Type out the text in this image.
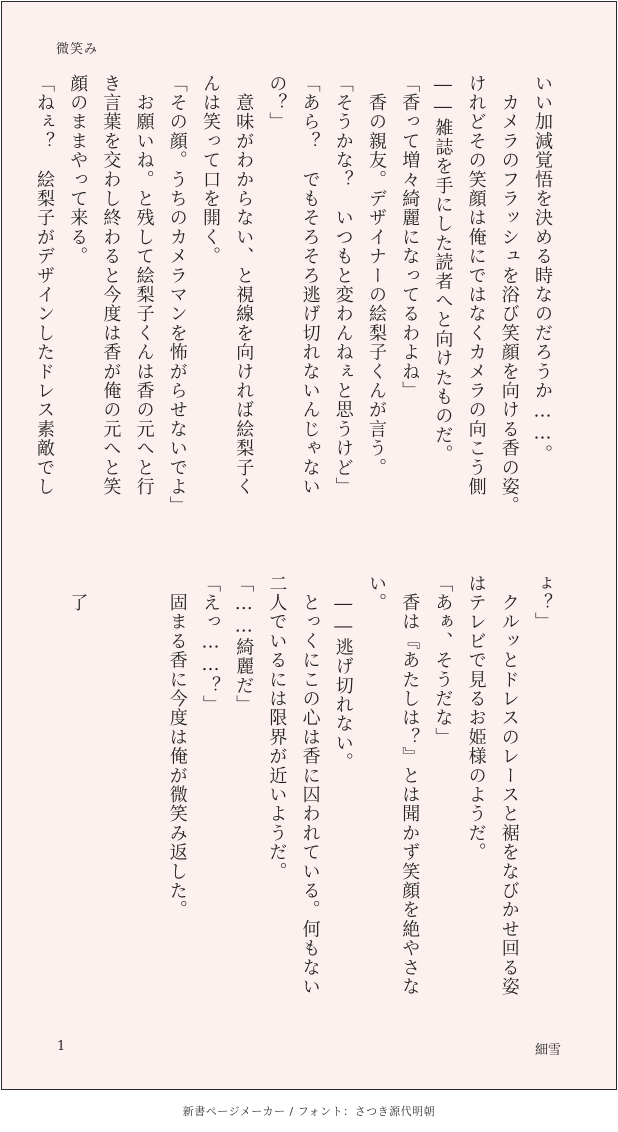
微笑み
いい加減覚悟を決める時なのだろうか……。
　カメラのフラッシュを浴び笑顔を向ける香の姿。
けれどその笑顔は俺にではなくカメラの向こう側
――雑誌を手にした読者へと向けたものだ。
「香って増々綺麗になってるわよね」
　香の親友。デザイナーの絵梨子くんが言う。
「そうかな？　いつもと変わんねぇと思うけど」
「あら？　でもそろそろ逃げ切れないんじゃない
の？」
　意味がわからない、と視線を向ければ絵梨子く
んは笑って口を開く。
「その顔。うちのカメラマンを怖がらせないでよ」
　お願いね。と残して絵梨子くんは香の元へと行
き言葉を交わし終わると今度は香が俺の元へと笑
顔のままやって来る。
「ねぇ？　絵梨子がデザインしたドレス素敵でし
ょ？」
　クルッとドレスのレースと裾をなびかせ回る姿
はテレビで見るお姫様のようだ。
「あぁ、そうだな」
　香は『あたしは？』とは聞かず笑顔を絶やさな
い。
　――逃げ切れない。
　とっくにこの心は香に囚われている。何もない
二人でいるには限界が近いようだ。
「……綺麗だ」
「えっ……？」
　固まる香に今度は俺が微笑み返した。
　了
1	細雪
新書ページメーカー / フォント：さつき源代明朝
